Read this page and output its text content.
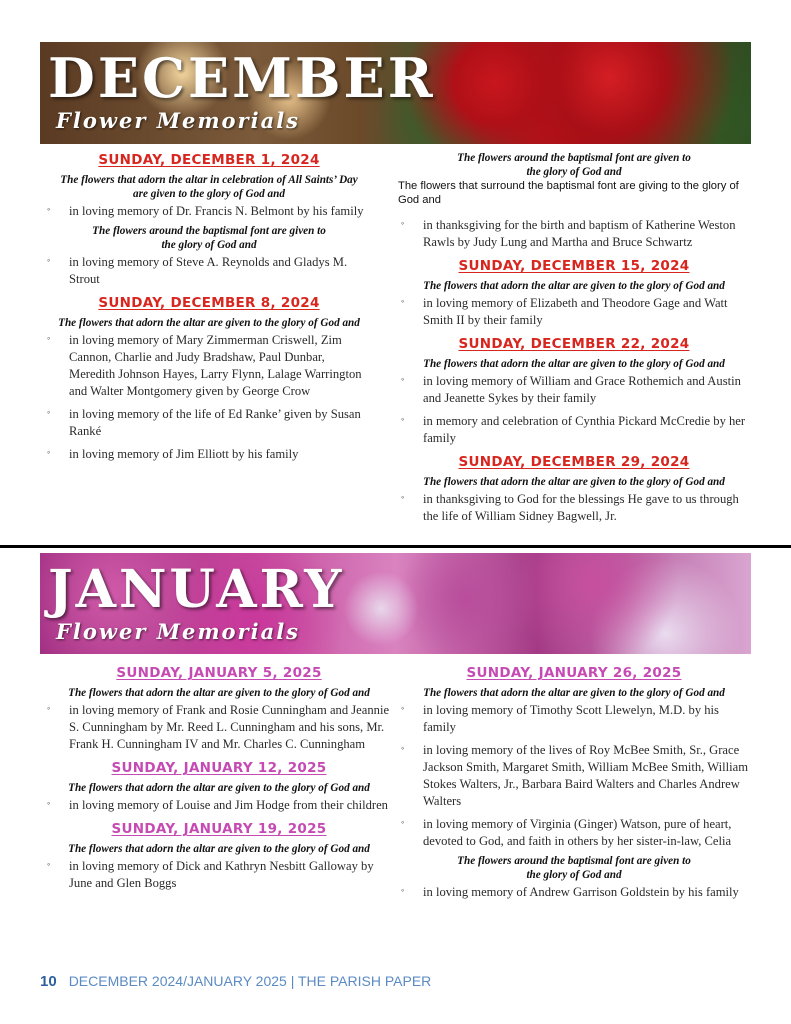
DECEMBER
Flower Memorials

SUNDAY, DECEMBER 1, 2024

The flowers that adorn the altar in celebration of All Saints’ Day
are given to the glory of God and
◦ in loving memory of Dr. Francis N. Belmont by his family
The flowers around the baptismal font are given to
the glory of God and
◦ in loving memory of Steve A. Reynolds and Gladys M. Strout

SUNDAY, DECEMBER 8, 2024

The flowers that adorn the altar are given to the glory of God and
◦ in loving memory of Mary Zimmerman Criswell, Zim Cannon, Charlie and Judy Bradshaw, Paul Dunbar, Meredith Johnson Hayes, Larry Flynn, Lalage Warrington and Walter Montgomery given by George Crow
◦ in loving memory of the life of Ed Ranke’ given by Susan Ranké
◦ in loving memory of Jim Elliott by his family
The flowers around the baptismal font are given to
the glory of God and

The flowers that surround the baptismal font are giving to the glory of God and

◦ in thanksgiving for the birth and baptism of Katherine Weston Rawls by Judy Lung and Martha and Bruce Schwartz

SUNDAY, DECEMBER 15, 2024

The flowers that adorn the altar are given to the glory of God and
◦ in loving memory of Elizabeth and Theodore Gage and Watt Smith II by their family

SUNDAY, DECEMBER 22, 2024

The flowers that adorn the altar are given to the glory of God and
◦ in loving memory of William and Grace Rothemich and Austin and Jeanette Sykes by their family
◦ in memory and celebration of Cynthia Pickard McCredie by her family

SUNDAY, DECEMBER 29, 2024

The flowers that adorn the altar are given to the glory of God and
◦ in thanksgiving to God for the blessings He gave to us through the life of William Sidney Bagwell, Jr.
JANUARY
Flower Memorials

SUNDAY, JANUARY 5, 2025

The flowers that adorn the altar are given to the glory of God and
◦ in loving memory of Frank and Rosie Cunningham and Jeannie S. Cunningham by Mr. Reed L. Cunningham and his sons, Mr. Frank H. Cunningham IV and Mr. Charles C. Cunningham

SUNDAY, JANUARY 12, 2025

The flowers that adorn the altar are given to the glory of God and
◦ in loving memory of Louise and Jim Hodge from their children

SUNDAY, JANUARY 19, 2025

The flowers that adorn the altar are given to the glory of God and
◦ in loving memory of Dick and Kathryn Nesbitt Galloway by June and Glen Boggs

SUNDAY, JANUARY 26, 2025

The flowers that adorn the altar are given to the glory of God and
◦ in loving memory of Timothy Scott Llewelyn, M.D. by his family
◦ in loving memory of the lives of Roy McBee Smith, Sr., Grace Jackson Smith, Margaret Smith, William McBee Smith, William Stokes Walters, Jr., Barbara Baird Walters and Charles Andrew Walters
◦ in loving memory of Virginia (Ginger) Watson, pure of heart, devoted to God, and faith in others by her sister-in-law, Celia
The flowers around the baptismal font are given to
the glory of God and
◦ in loving memory of Andrew Garrison Goldstein by his family
10 DECEMBER 2024/JANUARY 2025 | THE PARISH PAPER
